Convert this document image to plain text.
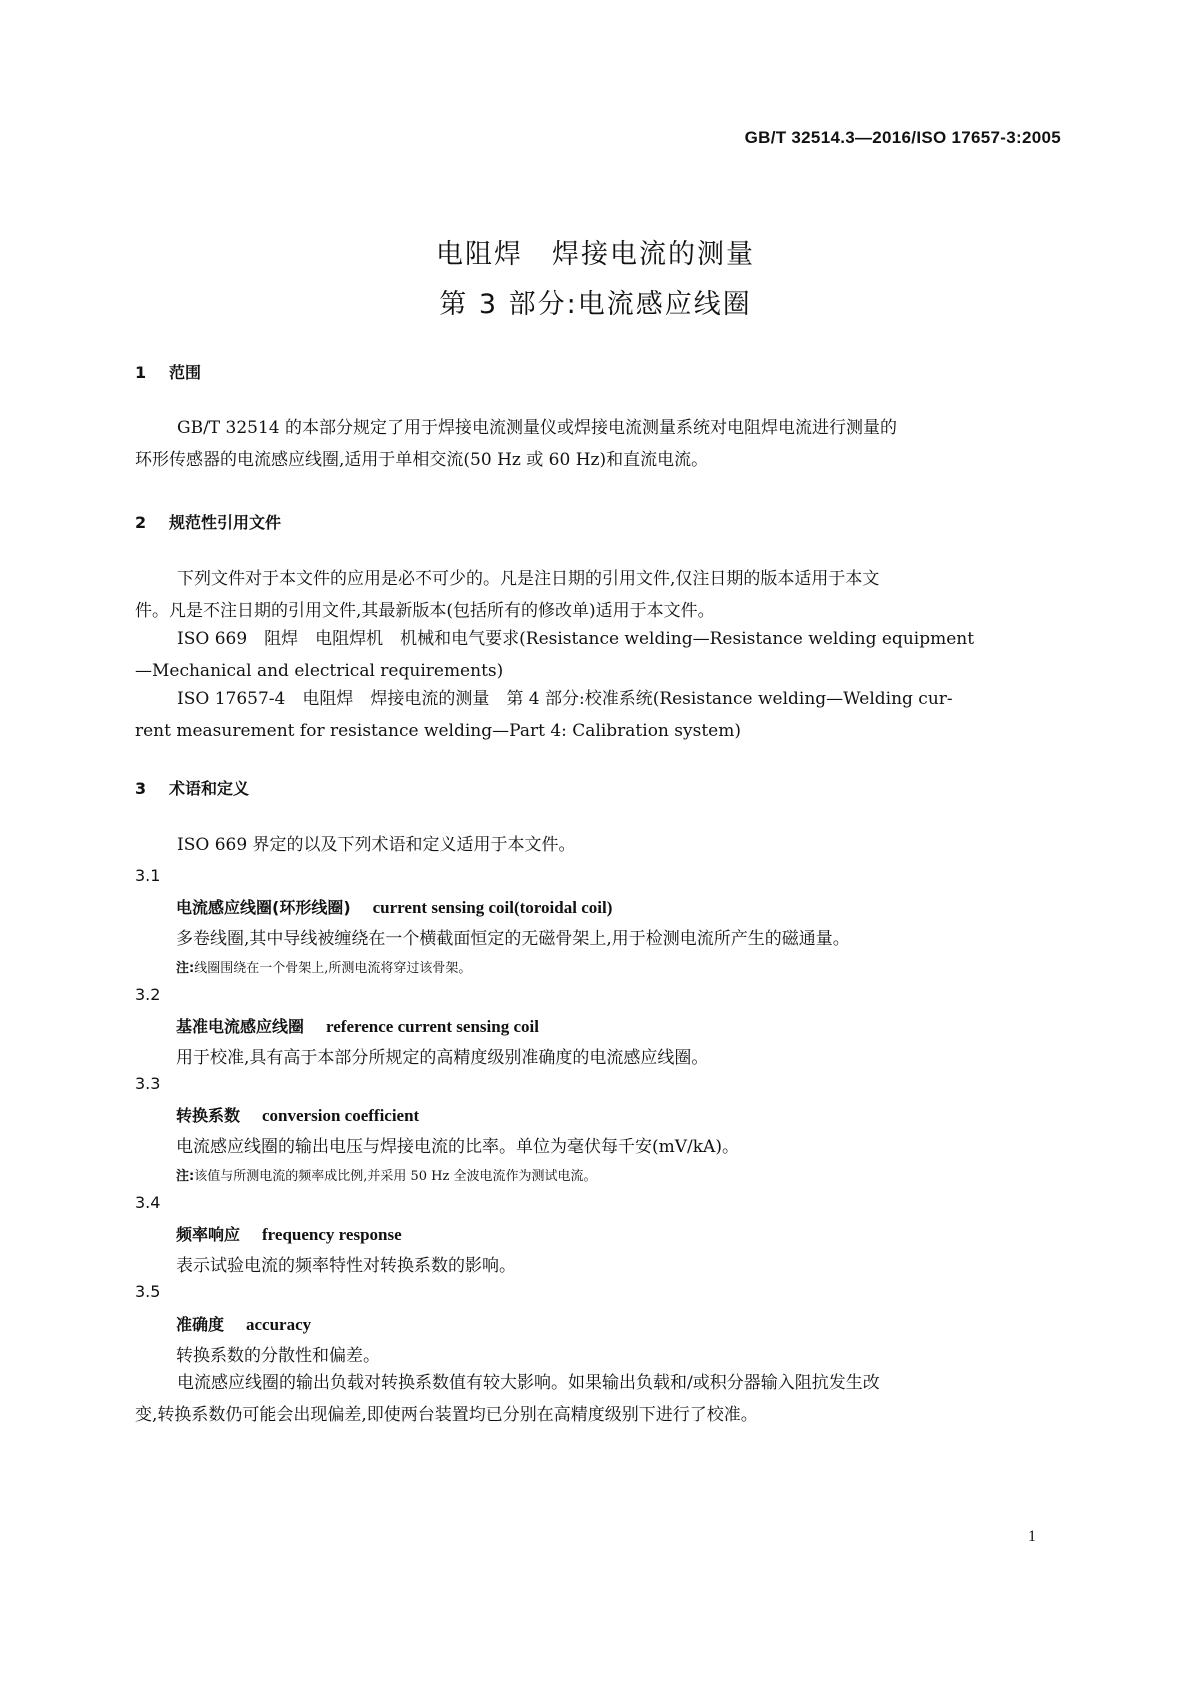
GB/T 32514.3—2016/ISO 17657-3:2005
电阻焊　焊接电流的测量
第 3 部分:电流感应线圈
1 范围
GB/T 32514 的本部分规定了用于焊接电流测量仪或焊接电流测量系统对电阻焊电流进行测量的
环形传感器的电流感应线圈,适用于单相交流(50 Hz 或 60 Hz)和直流电流。
2 规范性引用文件
下列文件对于本文件的应用是必不可少的。凡是注日期的引用文件,仅注日期的版本适用于本文
件。凡是不注日期的引用文件,其最新版本(包括所有的修改单)适用于本文件。
ISO 669　阻焊　电阻焊机　机械和电气要求(Resistance welding—Resistance welding equipment
—Mechanical and electrical requirements)
ISO 17657-4　电阻焊　焊接电流的测量　第 4 部分:校准系统(Resistance welding—Welding cur-
rent measurement for resistance welding—Part 4: Calibration system)
3 术语和定义
ISO 669 界定的以及下列术语和定义适用于本文件。
3.1
电流感应线圈(环形线圈) current sensing coil(toroidal coil)
多卷线圈,其中导线被缠绕在一个横截面恒定的无磁骨架上,用于检测电流所产生的磁通量。
注:线圈围绕在一个骨架上,所测电流将穿过该骨架。
3.2
基准电流感应线圈 reference current sensing coil
用于校准,具有高于本部分所规定的高精度级别准确度的电流感应线圈。
3.3
转换系数 conversion coefficient
电流感应线圈的输出电压与焊接电流的比率。单位为毫伏每千安(mV/kA)。
注:该值与所测电流的频率成比例,并采用 50 Hz 全波电流作为测试电流。
3.4
频率响应 frequency response
表示试验电流的频率特性对转换系数的影响。
3.5
准确度 accuracy
转换系数的分散性和偏差。
电流感应线圈的输出负载对转换系数值有较大影响。如果输出负载和/或积分器输入阻抗发生改
变,转换系数仍可能会出现偏差,即使两台装置均已分别在高精度级别下进行了校准。
1
